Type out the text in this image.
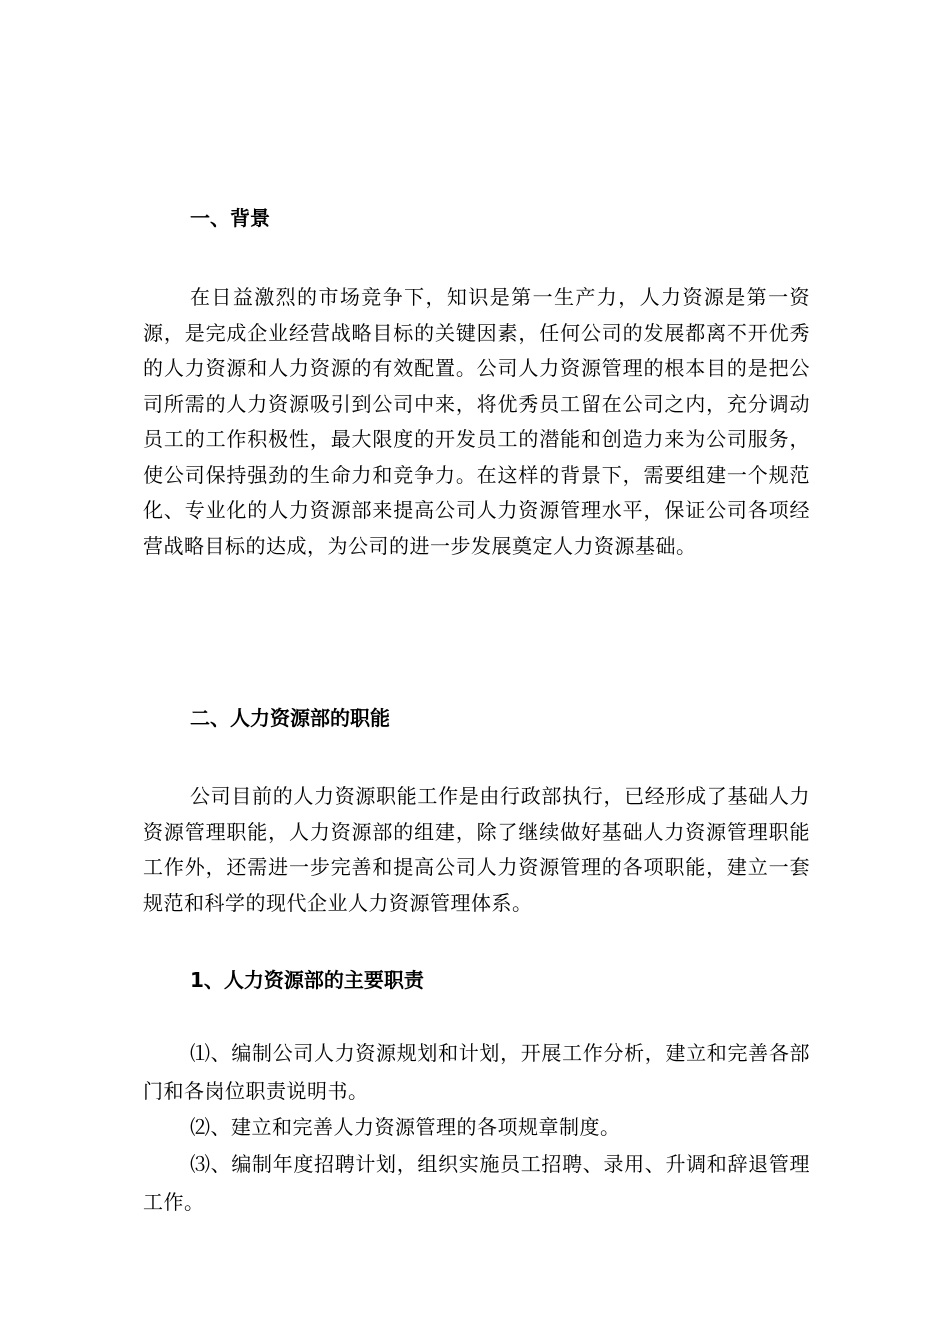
一、背景
在日益激烈的市场竞争下，知识是第一生产力，人力资源是第一资源，是完成企业经营战略目标的关键因素，任何公司的发展都离不开优秀的人力资源和人力资源的有效配置。公司人力资源管理的根本目的是把公司所需的人力资源吸引到公司中来，将优秀员工留在公司之内，充分调动员工的工作积极性，最大限度的开发员工的潜能和创造力来为公司服务，使公司保持强劲的生命力和竞争力。在这样的背景下，需要组建一个规范化、专业化的人力资源部来提高公司人力资源管理水平，保证公司各项经营战略目标的达成，为公司的进一步发展奠定人力资源基础。
二、人力资源部的职能
公司目前的人力资源职能工作是由行政部执行，已经形成了基础人力资源管理职能，人力资源部的组建，除了继续做好基础人力资源管理职能工作外，还需进一步完善和提高公司人力资源管理的各项职能，建立一套规范和科学的现代企业人力资源管理体系。
1、人力资源部的主要职责
⑴、编制公司人力资源规划和计划，开展工作分析，建立和完善各部门和各岗位职责说明书。
⑵、建立和完善人力资源管理的各项规章制度。
⑶、编制年度招聘计划，组织实施员工招聘、录用、升调和辞退管理工作。
